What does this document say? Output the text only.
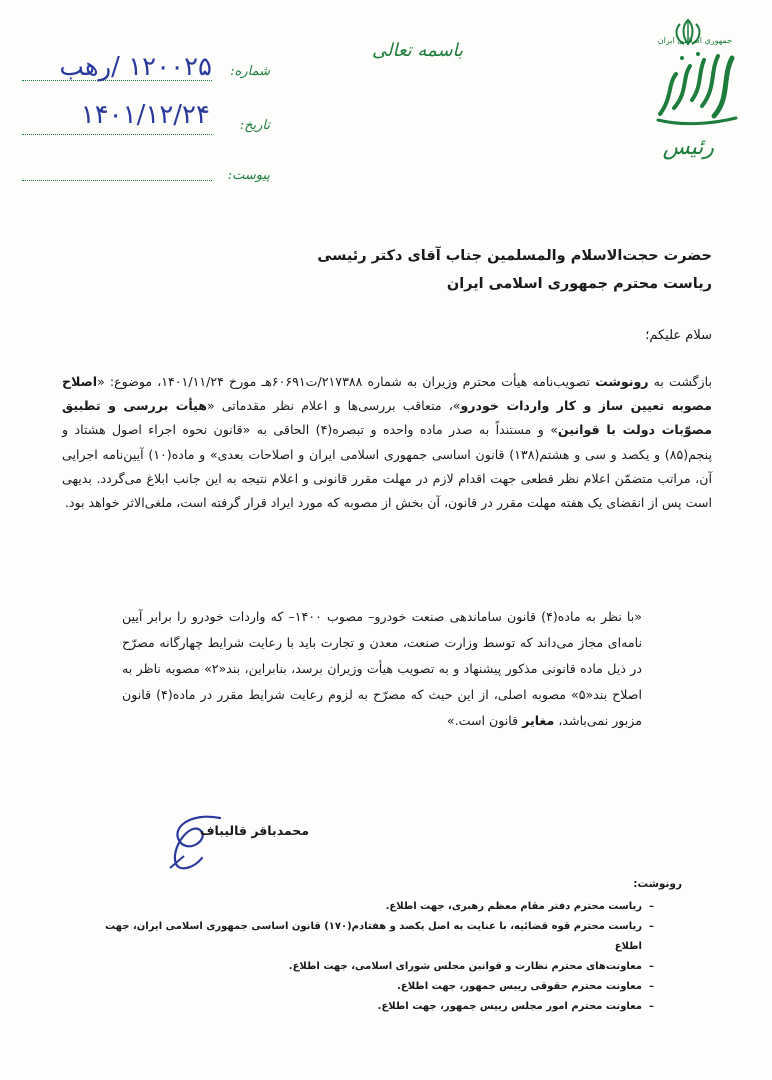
جمهوری اسلامی ایران
رئیس
باسمه تعالی
شماره:
۱۲۰۰۲۵ /رهب
تاریخ:
۱۴۰۱/۱۲/۲۴
پیوست:
حضرت حجت‌الاسلام والمسلمین جناب آقای دکتر رئیسی
ریاست محترم جمهوری اسلامی ایران
سلام علیکم؛
بازگشت به رونوشت تصویب‌نامه هیأت محترم وزیران به شماره ۲۱۷۳۸۸/ت۶۰۶۹۱هـ مورخ ۱۴۰۱/۱۱/۲۴، موضوع: «اصلاح مصوبه تعیین ساز و کار واردات خودرو»، متعاقب بررسی‌ها و اعلام نظر مقدماتی «هیأت بررسی و تطبیق مصوّبات دولت با قوانین» و مستنداً به صدر ماده واحده و تبصره(۴) الحاقی به «قانون نحوه اجراء اصول هشتاد و پنجم(۸۵) و یکصد و سی و هشتم(۱۳۸) قانون اساسی جمهوری اسلامی ایران و اصلاحات بعدی» و ماده(۱۰) آیین‌نامه اجرایی آن، مراتب متضمّن اعلام نظر قطعی جهت اقدام لازم در مهلت مقرر قانونی و اعلام نتیجه به این جانب ابلاغ می‌گردد. بدیهی است پس از انقضای یک هفته مهلت مقرر در قانون، آن بخش از مصوبه که مورد ایراد قرار گرفته است، ملغی‌الاثر خواهد بود.
«با نظر به ماده(۴) قانون ساماندهی صنعت خودرو– مصوب ۱۴۰۰– که واردات خودرو را برابر آیین نامه‌ای مجاز می‌داند که توسط وزارت صنعت، معدن و تجارت باید با رعایت شرایط چهارگانه مصرّح در ذیل ماده قانونی مذکور پیشنهاد و به تصویب هیأت وزیران برسد، بنابراین، بند«۲» مصوبه ناظر به اصلاح بند«۵» مصوبه اصلی، از این حیث که مصرّح به لزوم رعایت شرایط مقرر در ماده(۴) قانون مزبور نمی‌باشد، مغایر قانون است.»
محمدباقر قالیباف
رونوشت:
– ریاست محترم دفتر مقام معظم رهبری، جهت اطلاع.
– ریاست محترم قوه قضائیه، با عنایت به اصل یکصد و هفتادم(۱۷۰) قانون اساسی جمهوری اسلامی ایران، جهت اطلاع
– معاونت‌های محترم نظارت و قوانین مجلس شورای اسلامی، جهت اطلاع.
– معاونت محترم حقوقی رییس جمهور، جهت اطلاع.
– معاونت محترم امور مجلس رییس جمهور، جهت اطلاع.
